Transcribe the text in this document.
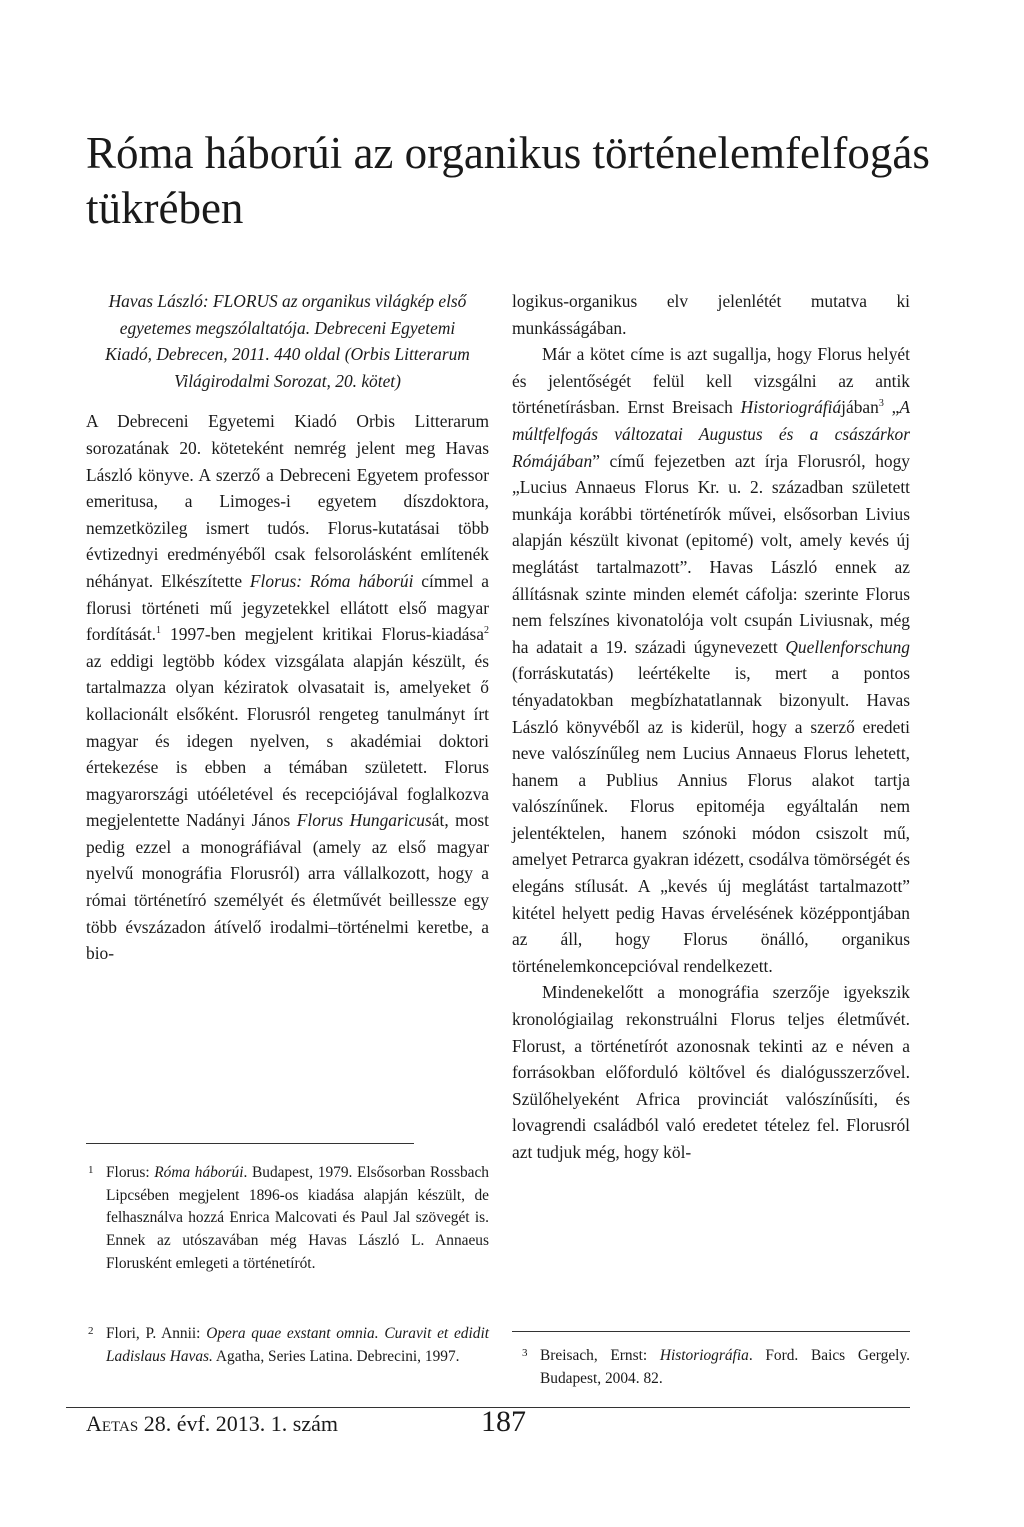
Róma háborúi az organikus történelemfelfogás tükrében

Havas László: FLORUS az organikus világkép első egyetemes megszólaltatója. Debreceni Egyetemi Kiadó, Debrecen, 2011. 440 oldal (Orbis Litterarum Világirodalmi Sorozat, 20. kötet)

A Debreceni Egyetemi Kiadó Orbis Litterarum sorozatának 20. köteteként nemrég jelent meg Havas László könyve. A szerző a Debreceni Egyetem professor emeritusa, a Limoges-i egyetem díszdoktora, nemzetközileg ismert tudós. Florus-kutatásai több évtizednyi eredményéből csak felsorolásként említenék néhányat. Elkészítette Florus: Róma háborúi címmel a florusi történeti mű jegyzetekkel ellátott első magyar fordítását.$^1$ 1997-ben megjelent kritikai Florus-kiadása$^2$ az eddigi legtöbb kódex vizsgálata alapján készült, és tartalmazza olyan kéziratok olvasatait is, amelyeket ő kollacionált elsőként. Florusról rengeteg tanulmányt írt magyar és idegen nyelven, s akadémiai doktori értekezése is ebben a témában született. Florus magyarországi utóéletével és recepciójával foglalkozva megjelentette Nadányi János Florus Hungaricusát, most pedig ezzel a monográfiával (amely az első magyar nyelvű monográfia Florusról) arra vállalkozott, hogy a római történetíró személyét és életművét beillessze egy több évszázadon átívelő irodalmi–történelmi keretbe, a bio-

logikus-organikus elv jelenlétét mutatva ki munkásságában.

Már a kötet címe is azt sugallja, hogy Florus helyét és jelentőségét felül kell vizsgálni az antik történetírásban. Ernst Breisach Historiográfiájában$^3$ „A múltfelfogás változatai Augustus és a császárkor Rómájában” című fejezetben azt írja Florusról, hogy „Lucius Annaeus Florus Kr. u. 2. században született munkája korábbi történetírók művei, elsősorban Livius alapján készült kivonat (epitomé) volt, amely kevés új meglátást tartalmazott”. Havas László ennek az állításnak szinte minden elemét cáfolja: szerinte Florus nem felszínes kivonatolója volt csupán Liviusnak, még ha adatait a 19. századi úgynevezett Quellenforschung (forráskutatás) leértékelte is, mert a pontos tényadatokban megbízhatatlannak bizonyult. Havas László könyvéből az is kiderül, hogy a szerző eredeti neve valószínűleg nem Lucius Annaeus Florus lehetett, hanem a Publius Annius Florus alakot tartja valószínűnek. Florus epitoméja egyáltalán nem jelentéktelen, hanem szónoki módon csiszolt mű, amelyet Petrarca gyakran idézett, csodálva tömörségét és elegáns stílusát. A „kevés új meglátást tartalmazott” kitétel helyett pedig Havas érvelésének középpontjában az áll, hogy Florus önálló, organikus történelemkoncepcióval rendelkezett.

Mindenekelőtt a monográfia szerzője igyekszik kronológiailag rekonstruálni Florus teljes életművét. Florust, a történetírót azonosnak tekinti az e néven a forrásokban előforduló költővel és dialógusszerzővel. Szülőhelyeként Africa provinciát valószínűsíti, és lovagrendi családból való eredetet tételez fel. Florusról azt tudjuk még, hogy köl-

1 Florus: Róma háborúi. Budapest, 1979. Elsősorban Rossbach Lipcsében megjelent 1896-os kiadása alapján készült, de felhasználva hozzá Enrica Malcovati és Paul Jal szövegét is. Ennek az utószavában még Havas László L. Annaeus Florusként emlegeti a történetírót.

2 Flori, P. Annii: Opera quae exstant omnia. Curavit et edidit Ladislaus Havas. Agatha, Series Latina. Debrecini, 1997.	3 Breisach, Ernst: Historiográfia. Ford. Baics Gergely. Budapest, 2004. 82.

Aetas 28. évf. 2013. 1. szám	187
